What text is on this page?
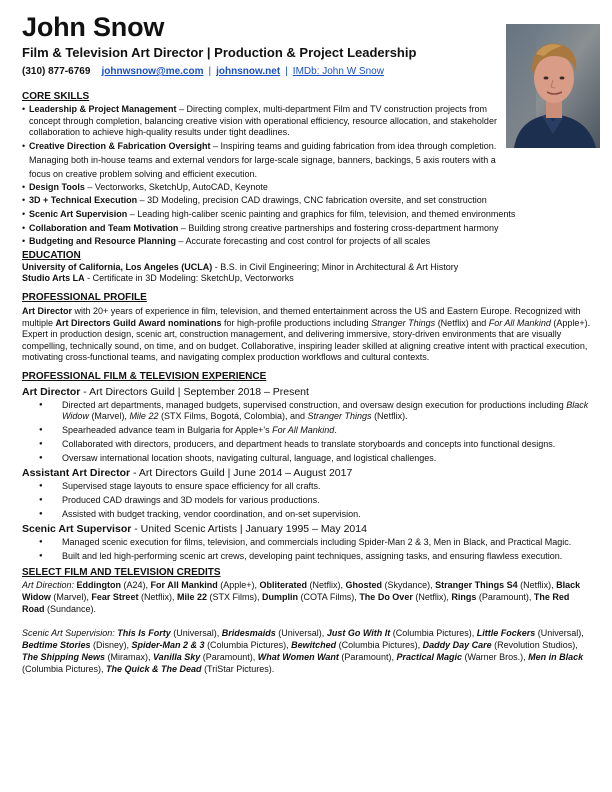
John Snow
Film & Television Art Director | Production & Project Leadership
(310) 877-6769 johnwsnow@me.com | johnsnow.net | IMDb: John W Snow
CORE SKILLS
• Leadership & Project Management – Directing complex, multi-department Film and TV construction projects from concept through completion, balancing creative vision with operational efficiency, resource allocation, and stakeholder collaboration to achieve high-quality results under tight deadlines.
• Creative Direction & Fabrication Oversight – Inspiring teams and guiding fabrication from idea through completion. Managing both in-house teams and external vendors for large-scale signage, banners, backings, 5 axis routers with a focus on creative problem solving and efficient execution.
• Design Tools – Vectorworks, SketchUp, AutoCAD, Keynote
• 3D + Technical Execution – 3D Modeling, precision CAD drawings, CNC fabrication oversite, and set construction
• Scenic Art Supervision – Leading high-caliber scenic painting and graphics for film, television, and themed environments
• Collaboration and Team Motivation – Building strong creative partnerships and fostering cross-department harmony
• Budgeting and Resource Planning – Accurate forecasting and cost control for projects of all scales
EDUCATION

University of California, Los Angeles (UCLA) - B.S. in Civil Engineering; Minor in Architectural & Art History

Studio Arts LA - Certificate in 3D Modeling: SketchUp, Vectorworks

PROFESSIONAL PROFILE

Art Director with 20+ years of experience in film, television, and themed entertainment across the US and Eastern Europe. Recognized with multiple Art Directors Guild Award nominations for high-profile productions including Stranger Things (Netflix) and For All Mankind (Apple+).

Expert in production design, scenic art, construction management, and delivering immersive, story-driven environments that are visually compelling, technically sound, on time, and on budget. Collaborative, inspiring leader skilled at aligning creative intent with practical execution, motivating cross-functional teams, and navigating complex production workflows and cultural contexts.

PROFESSIONAL FILM & TELEVISION EXPERIENCE
Art Director - Art Directors Guild | September 2018 – Present
● Directed art departments, managed budgets, supervised construction, and oversaw design execution for productions including Black Widow (Marvel), Mile 22 (STX Films, Bogotá, Colombia), and Stranger Things (Netflix).
● Spearheaded advance team in Bulgaria for Apple+'s For All Mankind.
● Collaborated with directors, producers, and department heads to translate storyboards and concepts into functional designs.
● Oversaw international location shoots, navigating cultural, language, and logistical challenges.
Assistant Art Director - Art Directors Guild | June 2014 – August 2017
● Supervised stage layouts to ensure space efficiency for all crafts.
● Produced CAD drawings and 3D models for various productions.
● Assisted with budget tracking, vendor coordination, and on-set supervision.
Scenic Art Supervisor - United Scenic Artists | January 1995 – May 2014
● Managed scenic execution for films, television, and commercials including Spider-Man 2 & 3, Men in Black, and Practical Magic.
● Built and led high-performing scenic art crews, developing paint techniques, assigning tasks, and ensuring flawless execution.
SELECT FILM AND TELEVISION CREDITS

Art Direction: Eddington (A24), For All Mankind (Apple+), Obliterated (Netflix), Ghosted (Skydance), Stranger Things S4 (Netflix), Black Widow (Marvel), Fear Street (Netflix), Mile 22 (STX Films), Dumplin (COTA Films), The Do Over (Netflix), Rings (Paramount), The Red Road (Sundance).

Scenic Art Supervision: This Is Forty (Universal), Bridesmaids (Universal), Just Go With It (Columbia Pictures), Little Fockers (Universal), Bedtime Stories (Disney), Spider-Man 2 & 3 (Columbia Pictures), Bewitched (Columbia Pictures), Daddy Day Care (Revolution Studios), The Shipping News (Miramax), Vanilla Sky (Paramount), What Women Want (Paramount), Practical Magic (Warner Bros.), Men in Black (Columbia Pictures), The Quick & The Dead (TriStar Pictures).
